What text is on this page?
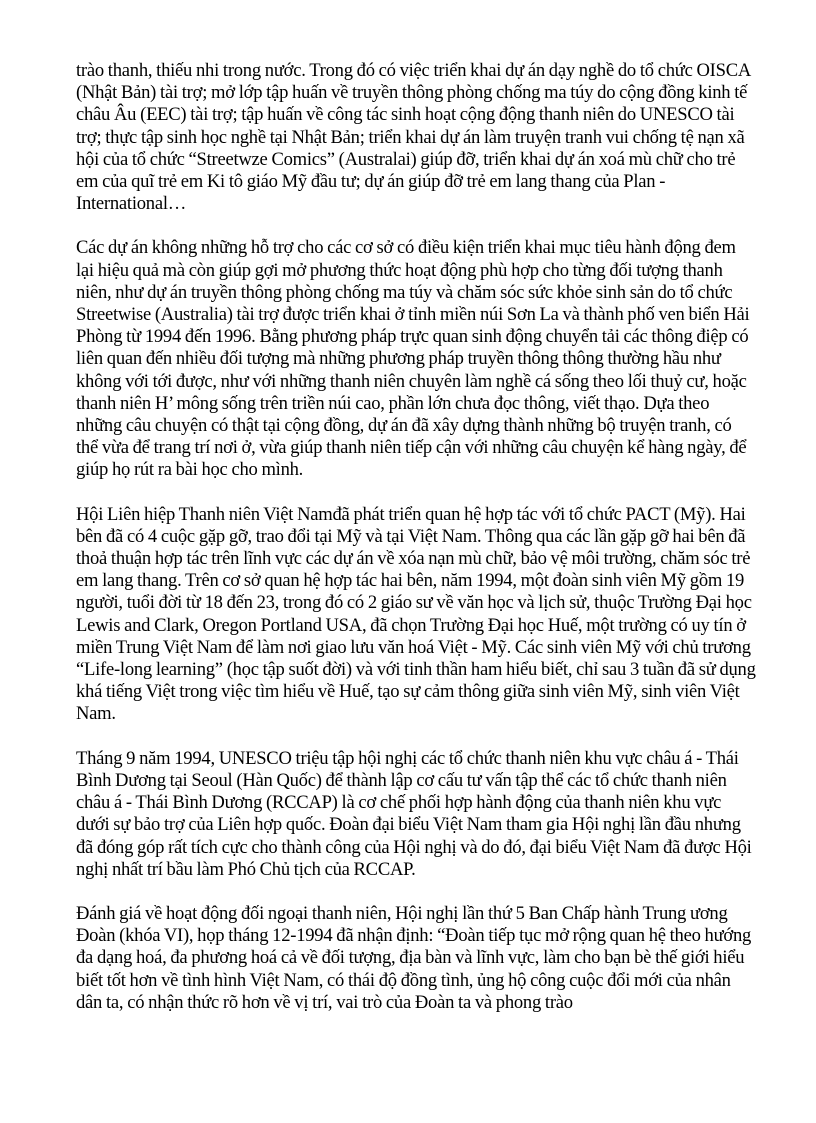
trào thanh, thiếu nhi trong nước. Trong đó có việc triển khai dự án dạy nghề do tổ chức OISCA (Nhật Bản) tài trợ; mở lớp tập huấn về truyền thông phòng chống ma túy do cộng đồng kinh tế châu Âu (EEC) tài trợ; tập huấn về công tác sinh hoạt cộng động thanh niên do UNESCO tài trợ; thực tập sinh học nghề tại Nhật Bản; triển khai dự án làm truyện tranh vui chống tệ nạn xã hội của tổ chức “Streetwze Comics” (Australai) giúp đỡ, triển khai dự án xoá mù chữ cho trẻ em của quĩ trẻ em Ki tô giáo Mỹ đầu tư; dự án giúp đỡ trẻ em lang thang của Plan - International…

Các dự án không những hỗ trợ cho các cơ sở có điều kiện triển khai mục tiêu hành động đem lại hiệu quả mà còn giúp gợi mở phương thức hoạt động phù hợp cho từng đối tượng thanh niên, như dự án truyền thông phòng chống ma túy và chăm sóc sức khỏe sinh sản do tổ chức Streetwise (Australia) tài trợ được triển khai ở tỉnh miền núi Sơn La và thành phố ven biển Hải Phòng từ 1994 đến 1996. Bằng phương pháp trực quan sinh động chuyển tải các thông điệp có liên quan đến nhiều đối tượng mà những phương pháp truyền thông thông thường hầu như không với tới được, như với những thanh niên chuyên làm nghề cá sống theo lối thuỷ cư, hoặc thanh niên H’ mông sống trên triền núi cao, phần lớn chưa đọc thông, viết thạo. Dựa theo những câu chuyện có thật tại cộng đồng, dự án đã xây dựng thành những bộ truyện tranh, có thể vừa để trang trí nơi ở, vừa giúp thanh niên tiếp cận với những câu chuyện kể hàng ngày, để giúp họ rút ra bài học cho mình.

Hội Liên hiệp Thanh niên Việt Namđã phát triển quan hệ hợp tác với tổ chức PACT (Mỹ). Hai bên đã có 4 cuộc gặp gỡ, trao đổi tại Mỹ và tại Việt Nam. Thông qua các lần gặp gỡ hai bên đã thoả thuận hợp tác trên lĩnh vực các dự án về xóa nạn mù chữ, bảo vệ môi trường, chăm sóc trẻ em lang thang. Trên cơ sở quan hệ hợp tác hai bên, năm 1994, một đoàn sinh viên Mỹ gồm 19 người, tuổi đời từ 18 đến 23, trong đó có 2 giáo sư về văn học và lịch sử, thuộc Trường Đại học Lewis and Clark, Oregon Portland USA, đã chọn Trường Đại học Huế, một trường có uy tín ở miền Trung Việt Nam để làm nơi giao lưu văn hoá Việt - Mỹ. Các sinh viên Mỹ với chủ trương “Life-long learning” (học tập suốt đời) và với tinh thần ham hiểu biết, chỉ sau 3 tuần đã sử dụng khá tiếng Việt trong việc tìm hiểu về Huế, tạo sự cảm thông giữa sinh viên Mỹ, sinh viên Việt Nam.

Tháng 9 năm 1994, UNESCO triệu tập hội nghị các tổ chức thanh niên khu vực châu á - Thái Bình Dương tại Seoul (Hàn Quốc) để thành lập cơ cấu tư vấn tập thể các tổ chức thanh niên châu á - Thái Bình Dương (RCCAP) là cơ chế phối hợp hành động của thanh niên khu vực dưới sự bảo trợ của Liên hợp quốc. Đoàn đại biểu Việt Nam tham gia Hội nghị lần đầu nhưng đã đóng góp rất tích cực cho thành công của Hội nghị và do đó, đại biểu Việt Nam đã được Hội nghị nhất trí bầu làm Phó Chủ tịch của RCCAP.

Đánh giá về hoạt động đối ngoại thanh niên, Hội nghị lần thứ 5 Ban Chấp hành Trung ương Đoàn (khóa VI), họp tháng 12-1994 đã nhận định: “Đoàn tiếp tục mở rộng quan hệ theo hướng đa dạng hoá, đa phương hoá cả về đối tượng, địa bàn và lĩnh vực, làm cho bạn bè thế giới hiểu biết tốt hơn về tình hình Việt Nam, có thái độ đồng tình, ủng hộ công cuộc đổi mới của nhân dân ta, có nhận thức rõ hơn về vị trí, vai trò của Đoàn ta và phong trào
